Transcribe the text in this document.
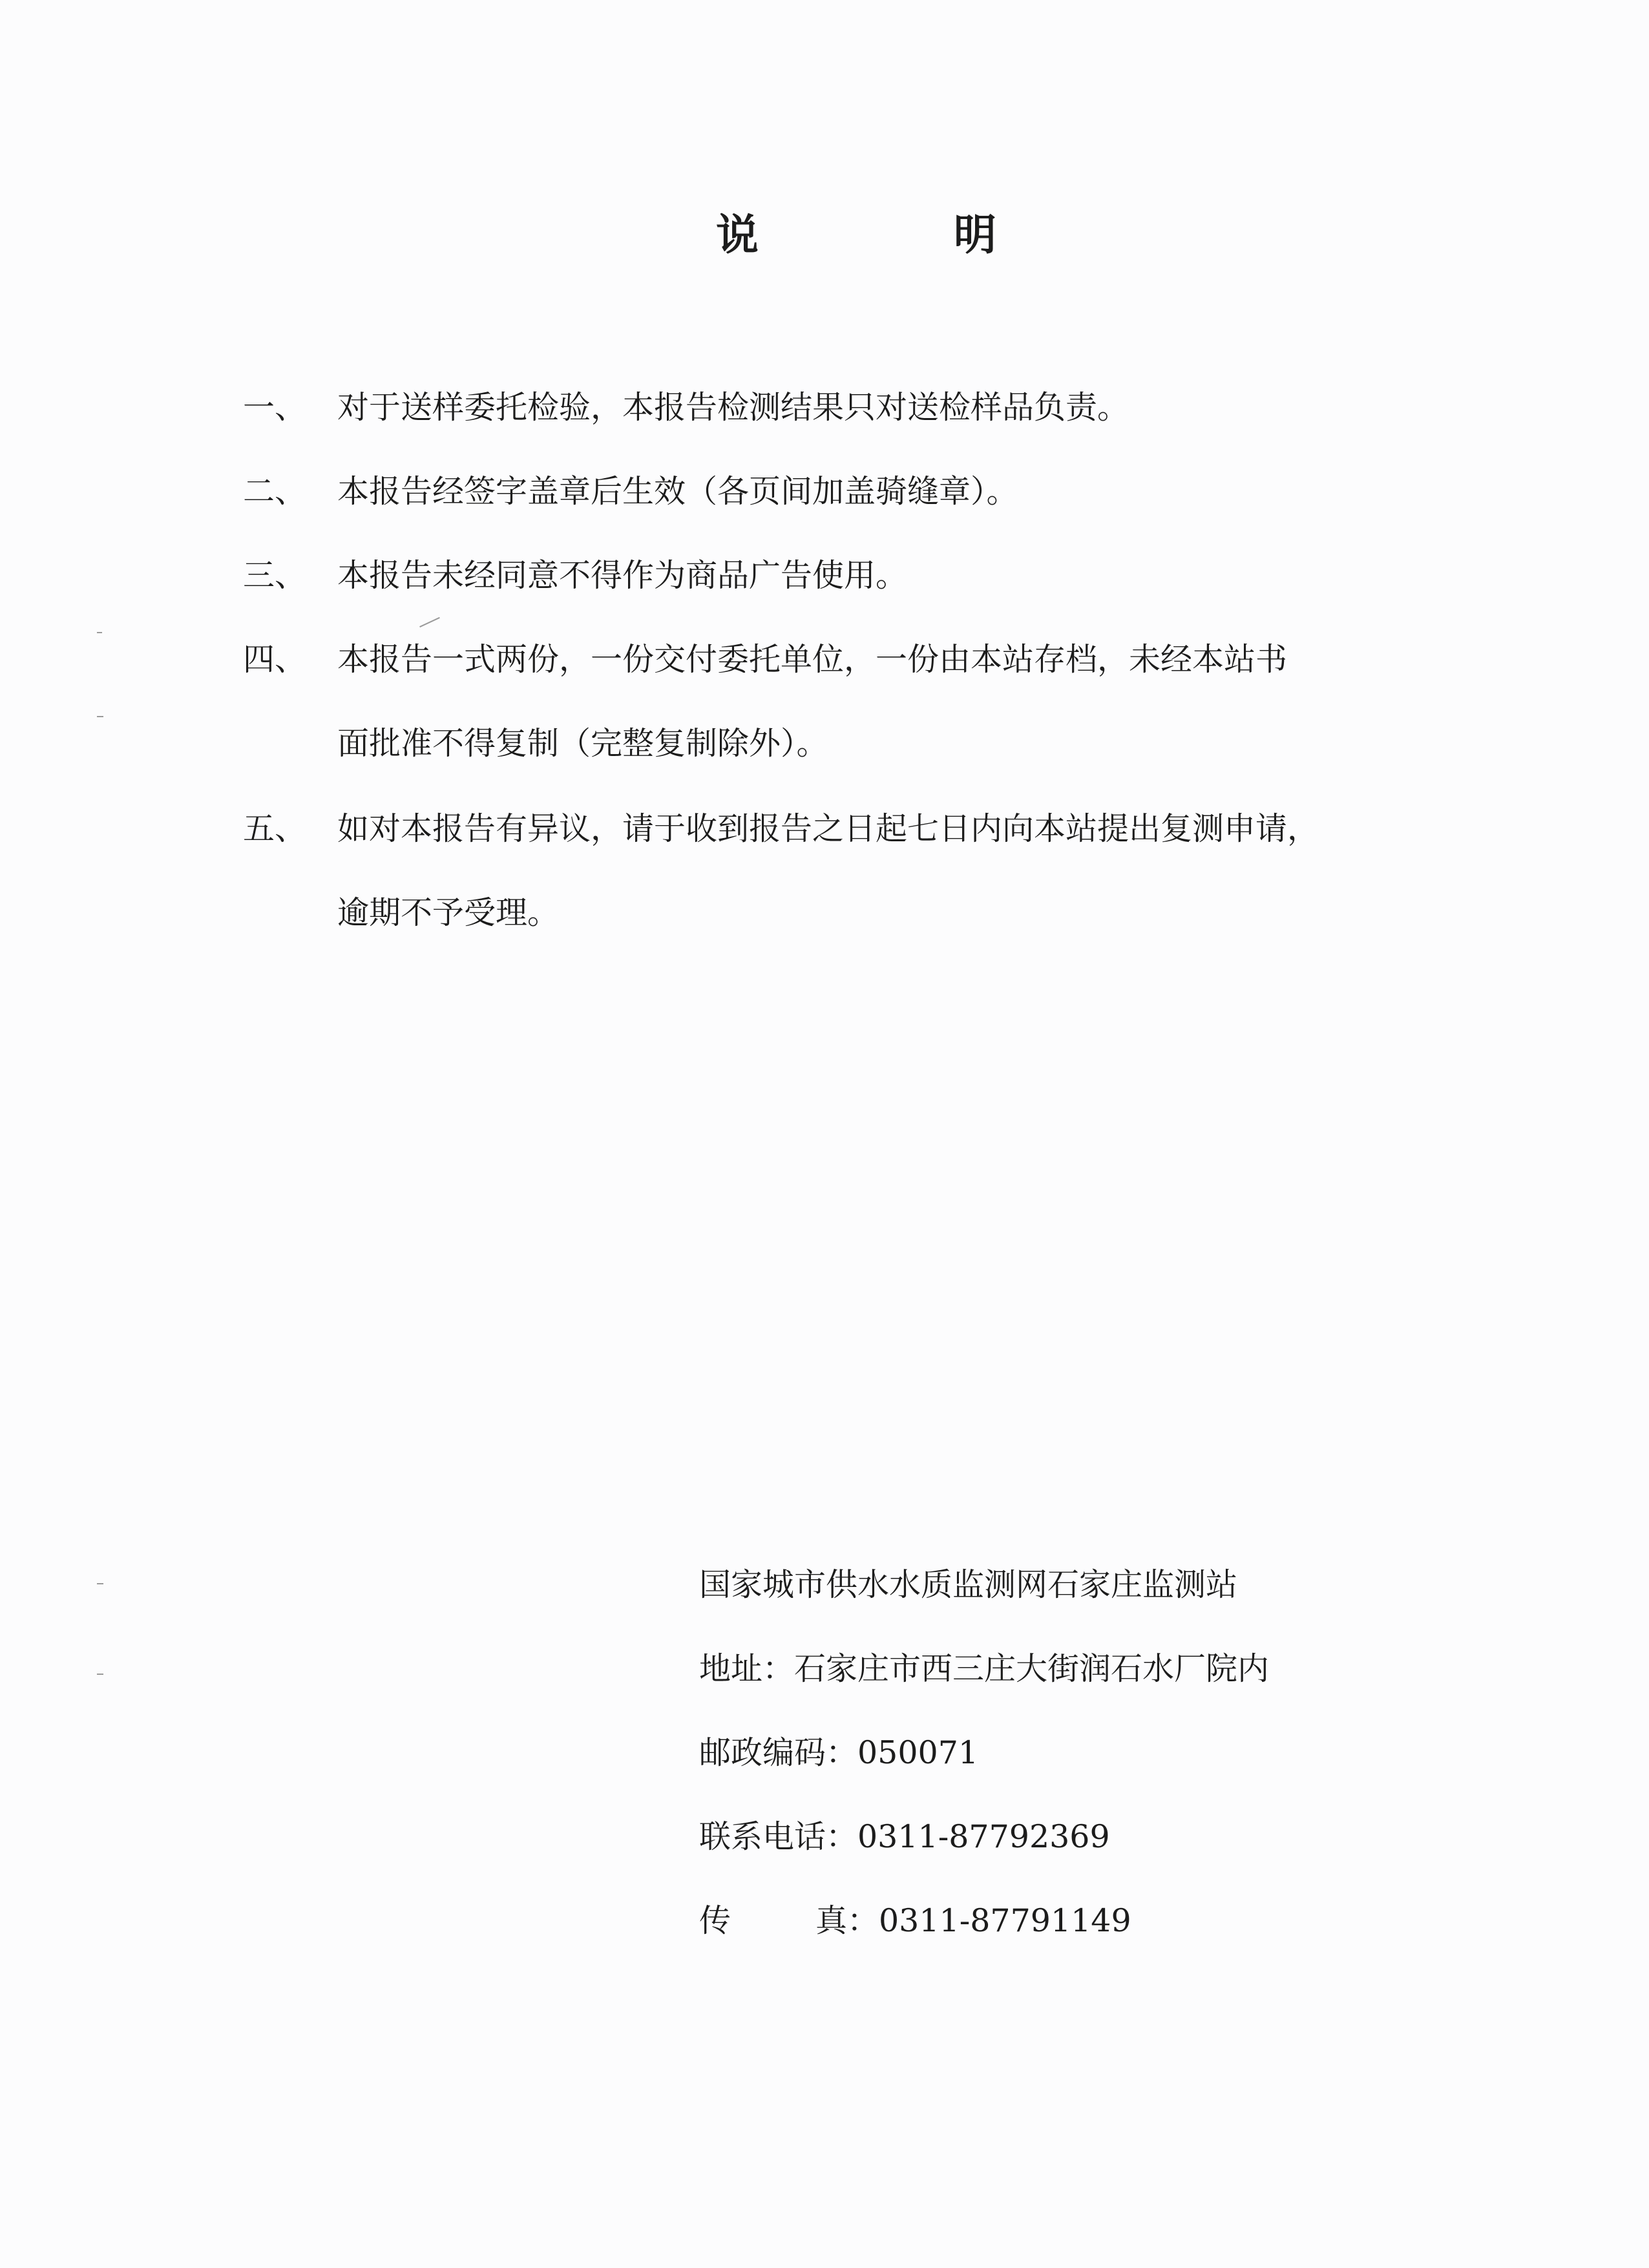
说	明
一、 对于送样委托检验，本报告检测结果只对送检样品负责。
二、 本报告经签字盖章后生效（各页间加盖骑缝章）。
三、 本报告未经同意不得作为商品广告使用。
四、 本报告一式两份，一份交付委托单位，一份由本站存档，未经本站书
面批准不得复制（完整复制除外）。
五、 如对本报告有异议，请于收到报告之日起七日内向本站提出复测申请，
逾期不予受理。
国家城市供水水质监测网石家庄监测站
地址：石家庄市西三庄大街润石水厂院内
邮政编码：050071
联系电话：0311-87792369
传	真：0311-87791149
